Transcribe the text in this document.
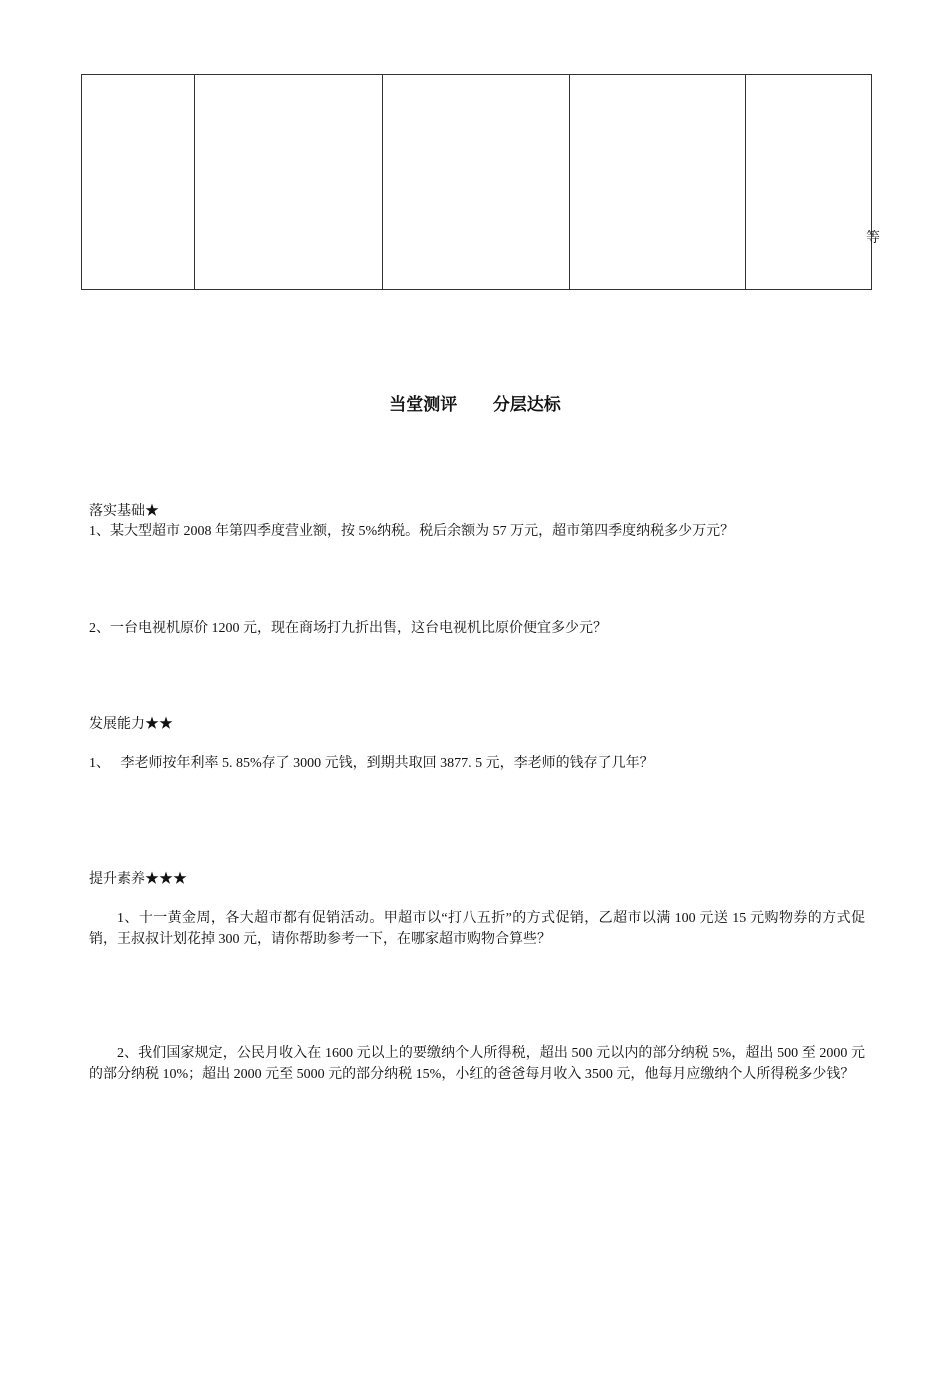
等
当堂测评      分层达标
落实基础★
1、某大型超市 2008 年第四季度营业额，按 5%纳税。税后余额为 57 万元，超市第四季度纳税多少万元？
2、一台电视机原价 1200 元，现在商场打九折出售，这台电视机比原价便宜多少元？
发展能力★★
1、   李老师按年利率 5. 85%存了 3000 元钱，到期共取回 3877. 5 元，李老师的钱存了几年？
提升素养★★★
1、十一黄金周，各大超市都有促销活动。甲超市以“打八五折”的方式促销，乙超市以满 100 元送 15 元购物券的方式促销，王叔叔计划花掉 300 元，请你帮助参考一下，在哪家超市购物合算些？
2、我们国家规定，公民月收入在 1600 元以上的要缴纳个人所得税，超出 500 元以内的部分纳税 5%，超出 500 至 2000 元的部分纳税 10%；超出 2000 元至 5000 元的部分纳税 15%，小红的爸爸每月收入 3500 元，他每月应缴纳个人所得税多少钱？
